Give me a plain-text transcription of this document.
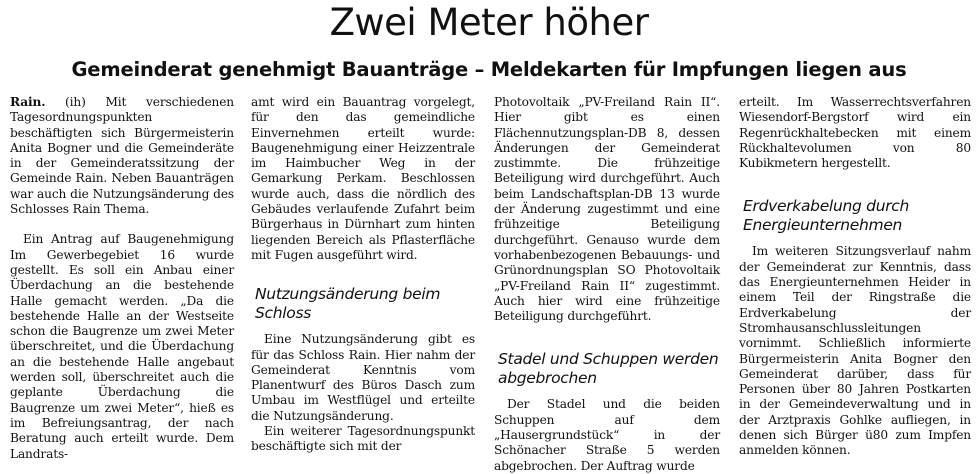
Zwei Meter höher
Gemeinderat genehmigt Bauanträge – Meldekarten für Impfungen liegen aus

Rain. (ih) Mit verschiedenen Tagesordnungspunkten beschäftigten sich Bürgermeisterin Anita Bogner und die Gemeinderäte in der Gemeinderatssitzung der Gemeinde Rain. Neben Bauanträgen war auch die Nutzungsänderung des Schlosses Rain Thema.

Ein Antrag auf Baugenehmigung Im Gewerbegebiet 16 wurde gestellt. Es soll ein Anbau einer Überdachung an die bestehende Halle gemacht werden. „Da die bestehende Halle an der Westseite schon die Baugrenze um zwei Meter überschreitet, und die Überdachung an die bestehende Halle angebaut werden soll, überschreitet auch die geplante Überdachung die Baugrenze um zwei Meter“, hieß es im Befreiungsantrag, der nach Beratung auch erteilt wurde. Dem Landrats-

amt wird ein Bauantrag vorgelegt, für den das gemeindliche Einvernehmen erteilt wurde: Baugenehmigung einer Heizzentrale im Haimbucher Weg in der Gemarkung Perkam. Beschlossen wurde auch, dass die nördlich des Gebäudes verlaufende Zufahrt beim Bürgerhaus in Dürnhart zum hinten liegenden Bereich als Pflasterfläche mit Fugen ausgeführt wird.

Nutzungsänderung beim Schloss

Eine Nutzungsänderung gibt es für das Schloss Rain. Hier nahm der Gemeinderat Kenntnis vom Planentwurf des Büros Dasch zum Umbau im Westflügel und erteilte die Nutzungsänderung.

Ein weiterer Tagesordnungspunkt beschäftigte sich mit der

Photovoltaik „PV-Freiland Rain II“. Hier gibt es einen Flächennutzungsplan-DB 8, dessen Änderungen der Gemeinderat zustimmte. Die frühzeitige Beteiligung wird durchgeführt. Auch beim Landschaftsplan-DB 13 wurde der Änderung zugestimmt und eine frühzeitige Beteiligung durchgeführt. Genauso wurde dem vorhabenbezogenen Bebauungs- und Grünordnungsplan SO Photovoltaik „PV-Freiland Rain II“ zugestimmt. Auch hier wird eine frühzeitige Beteiligung durchgeführt.

Stadel und Schuppen werden abgebrochen

Der Stadel und die beiden Schuppen auf dem „Hausergrundstück“ in der Schönacher Straße 5 werden abgebrochen. Der Auftrag wurde

erteilt. Im Wasserrechtsverfahren Wiesendorf-Bergstorf wird ein Regenrückhaltebecken mit einem Rückhaltevolumen von 80 Kubikmetern hergestellt.

Erdverkabelung durch Energieunternehmen

Im weiteren Sitzungsverlauf nahm der Gemeinderat zur Kenntnis, dass das Energieunternehmen Heider in einem Teil der Ringstraße die Erdverkabelung der Stromhausanschlussleitungen vornimmt. Schließlich informierte Bürgermeisterin Anita Bogner den Gemeinderat darüber, dass für Personen über 80 Jahren Postkarten in der Gemeindeverwaltung und in der Arztpraxis Gohlke aufliegen, in denen sich Bürger ü80 zum Impfen anmelden können.
